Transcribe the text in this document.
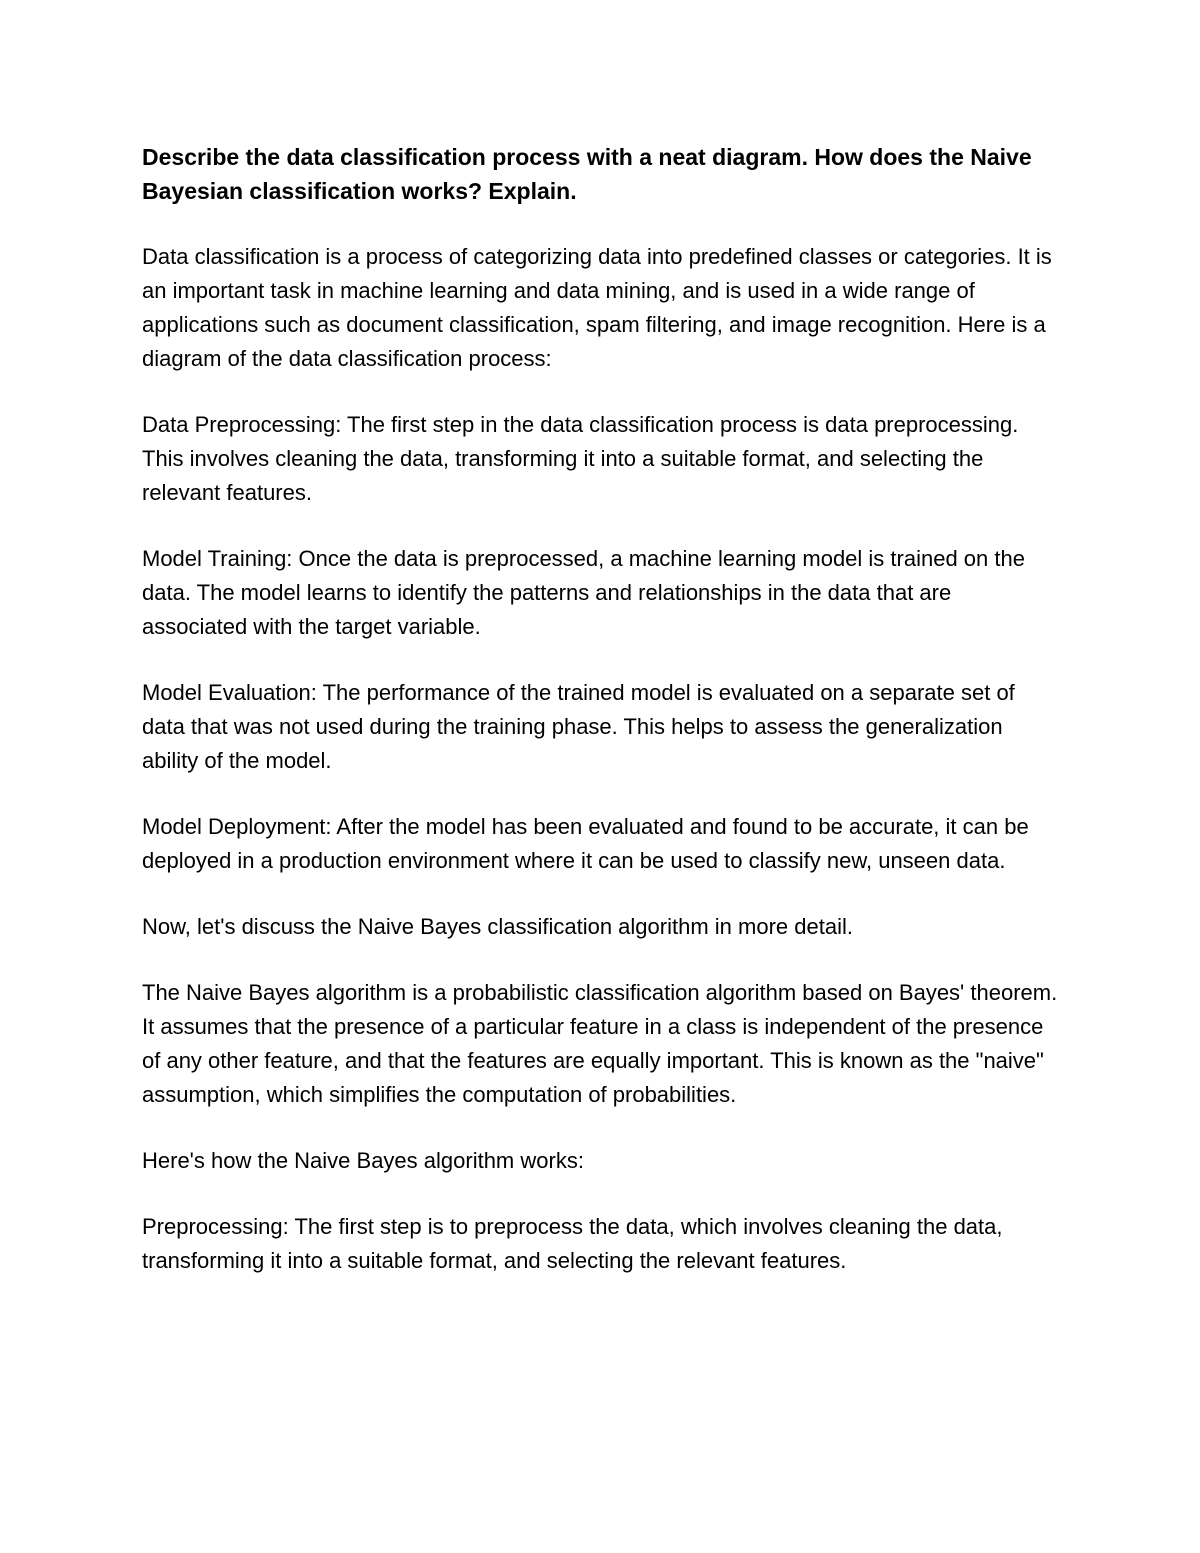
Describe the data classification process with a neat diagram. How does the Naive Bayesian classification works? Explain.

Data classification is a process of categorizing data into predefined classes or categories. It is an important task in machine learning and data mining, and is used in a wide range of applications such as document classification, spam filtering, and image recognition. Here is a diagram of the data classification process:

Data Preprocessing: The first step in the data classification process is data preprocessing. This involves cleaning the data, transforming it into a suitable format, and selecting the relevant features.

Model Training: Once the data is preprocessed, a machine learning model is trained on the data. The model learns to identify the patterns and relationships in the data that are associated with the target variable.

Model Evaluation: The performance of the trained model is evaluated on a separate set of data that was not used during the training phase. This helps to assess the generalization ability of the model.

Model Deployment: After the model has been evaluated and found to be accurate, it can be deployed in a production environment where it can be used to classify new, unseen data.

Now, let's discuss the Naive Bayes classification algorithm in more detail.

The Naive Bayes algorithm is a probabilistic classification algorithm based on Bayes' theorem. It assumes that the presence of a particular feature in a class is independent of the presence of any other feature, and that the features are equally important. This is known as the "naive" assumption, which simplifies the computation of probabilities.

Here's how the Naive Bayes algorithm works:

Preprocessing: The first step is to preprocess the data, which involves cleaning the data, transforming it into a suitable format, and selecting the relevant features.
